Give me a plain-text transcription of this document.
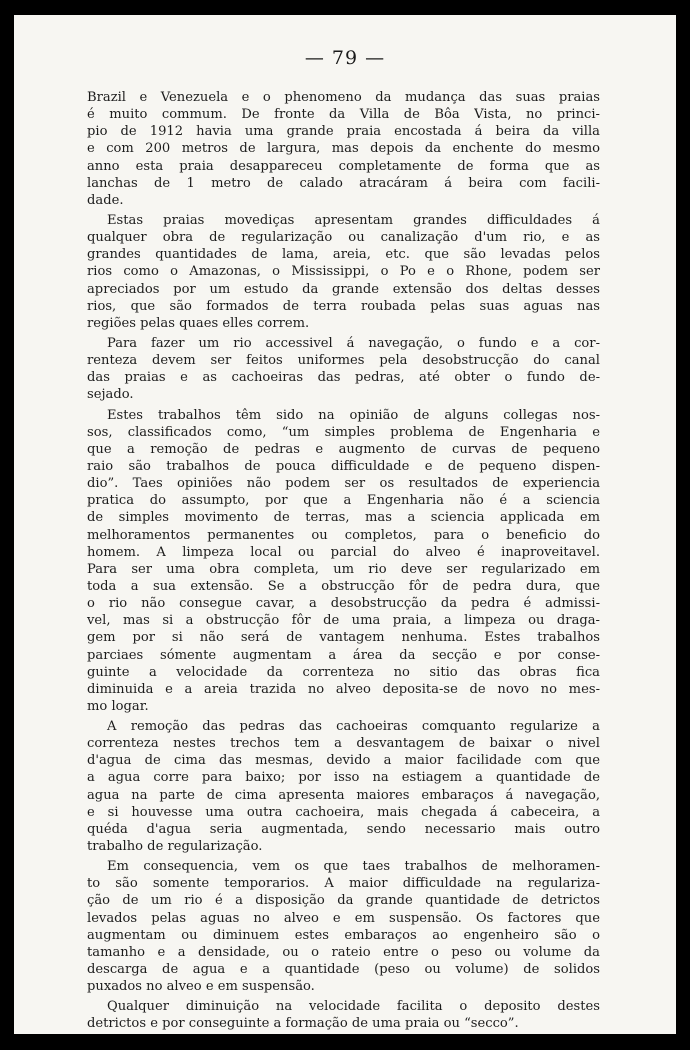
— 79 —
Brazil e Venezuela e o phenomeno da mudança das suas praias
é muito commum. De fronte da Villa de Bôa Vista, no princi-
pio de 1912 havia uma grande praia encostada á beira da villa
e com 200 metros de largura, mas depois da enchente do mesmo
anno esta praia desappareceu completamente de forma que as
lanchas de 1 metro de calado atracáram á beira com facili-
dade.
Estas praias movediças apresentam grandes difficuldades á
qualquer obra de regularização ou canalização d'um rio, e as
grandes quantidades de lama, areia, etc. que são levadas pelos
rios como o Amazonas, o Mississippi, o Po e o Rhone, podem ser
apreciados por um estudo da grande extensão dos deltas desses
rios, que são formados de terra roubada pelas suas aguas nas
regiões pelas quaes elles correm.
Para fazer um rio accessivel á navegação, o fundo e a cor-
renteza devem ser feitos uniformes pela desobstrucção do canal
das praias e as cachoeiras das pedras, até obter o fundo de-
sejado.
Estes trabalhos têm sido na opinião de alguns collegas nos-
sos, classificados como, “um simples problema de Engenharia e
que a remoção de pedras e augmento de curvas de pequeno
raio são trabalhos de pouca difficuldade e de pequeno dispen-
dio”. Taes opiniões não podem ser os resultados de experiencia
pratica do assumpto, por que a Engenharia não é a sciencia
de simples movimento de terras, mas a sciencia applicada em
melhoramentos permanentes ou completos, para o beneficio do
homem. A limpeza local ou parcial do alveo é inaproveitavel.
Para ser uma obra completa, um rio deve ser regularizado em
toda a sua extensão. Se a obstrucção fôr de pedra dura, que
o rio não consegue cavar, a desobstrucção da pedra é admissi-
vel, mas si a obstrucção fôr de uma praia, a limpeza ou draga-
gem por si não será de vantagem nenhuma. Estes trabalhos
parciaes sómente augmentam a área da secção e por conse-
guinte a velocidade da correnteza no sitio das obras fica
diminuida e a areia trazida no alveo deposita-se de novo no mes-
mo logar.
A remoção das pedras das cachoeiras comquanto regularize a
correnteza nestes trechos tem a desvantagem de baixar o nivel
d'agua de cima das mesmas, devido a maior facilidade com que
a agua corre para baixo; por isso na estiagem a quantidade de
agua na parte de cima apresenta maiores embaraços á navegação,
e si houvesse uma outra cachoeira, mais chegada á cabeceira, a
quéda d'agua seria augmentada, sendo necessario mais outro
trabalho de regularização.
Em consequencia, vem os que taes trabalhos de melhoramen-
to são somente temporarios. A maior difficuldade na regulariza-
ção de um rio é a disposição da grande quantidade de detrictos
levados pelas aguas no alveo e em suspensão. Os factores que
augmentam ou diminuem estes embaraços ao engenheiro são o
tamanho e a densidade, ou o rateio entre o peso ou volume da
descarga de agua e a quantidade (peso ou volume) de solidos
puxados no alveo e em suspensão.
Qualquer diminuição na velocidade facilita o deposito destes
detrictos e por conseguinte a formação de uma praia ou “secco”.
